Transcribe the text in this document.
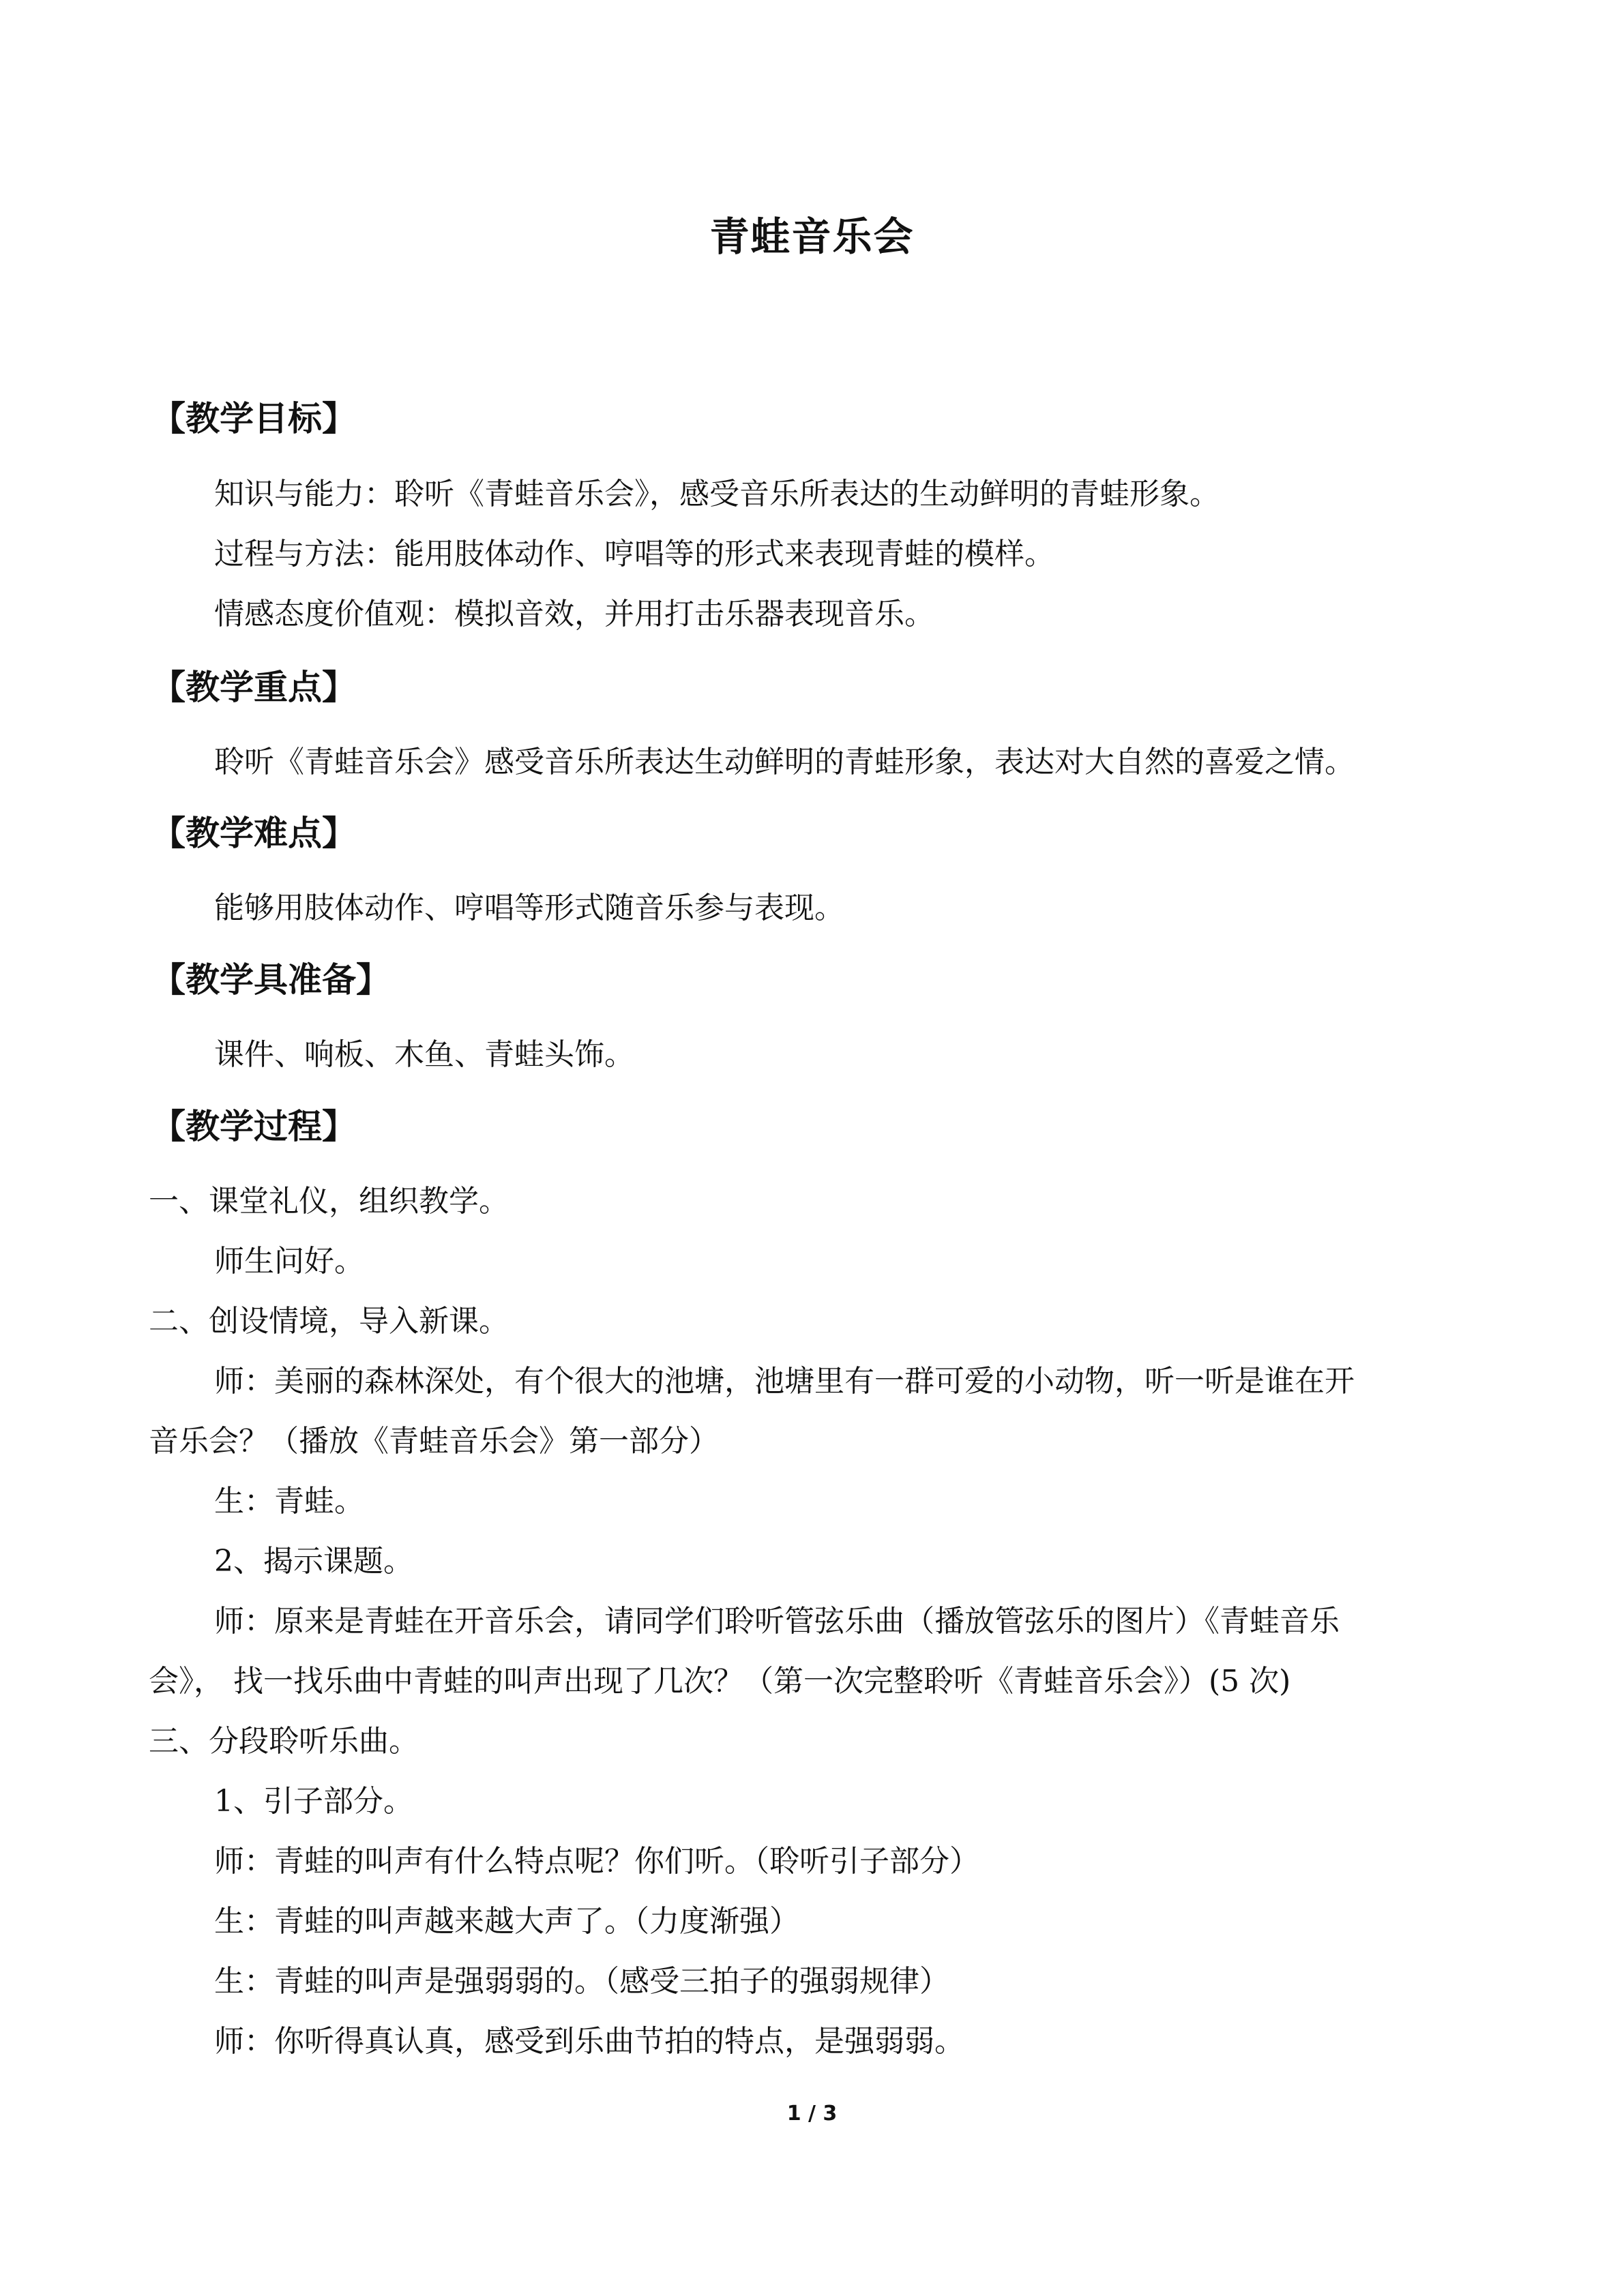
青蛙音乐会
【教学目标】
知识与能力：聆听《青蛙音乐会》，感受音乐所表达的生动鲜明的青蛙形象。
过程与方法：能用肢体动作、哼唱等的形式来表现青蛙的模样。
情感态度价值观：模拟音效，并用打击乐器表现音乐。
【教学重点】
聆听《青蛙音乐会》感受音乐所表达生动鲜明的青蛙形象，表达对大自然的喜爱之情。
【教学难点】
能够用肢体动作、哼唱等形式随音乐参与表现。
【教学具准备】
课件、响板、木鱼、青蛙头饰。
【教学过程】
一、课堂礼仪，组织教学。
师生问好。
二、创设情境，导入新课。
师：美丽的森林深处，有个很大的池塘，池塘里有一群可爱的小动物，听一听是谁在开
音乐会？（播放《青蛙音乐会》第一部分）
生：青蛙。
2、揭示课题。
师：原来是青蛙在开音乐会，请同学们聆听管弦乐曲（播放管弦乐的图片）《青蛙音乐
会》， 找一找乐曲中青蛙的叫声出现了几次？（第一次完整聆听《青蛙音乐会》）(5 次)
三、分段聆听乐曲。
1、引子部分。
师：青蛙的叫声有什么特点呢？你们听。（聆听引子部分）
生：青蛙的叫声越来越大声了。（力度渐强）
生：青蛙的叫声是强弱弱的。（感受三拍子的强弱规律）
师：你听得真认真，感受到乐曲节拍的特点，是强弱弱。
1 / 3
